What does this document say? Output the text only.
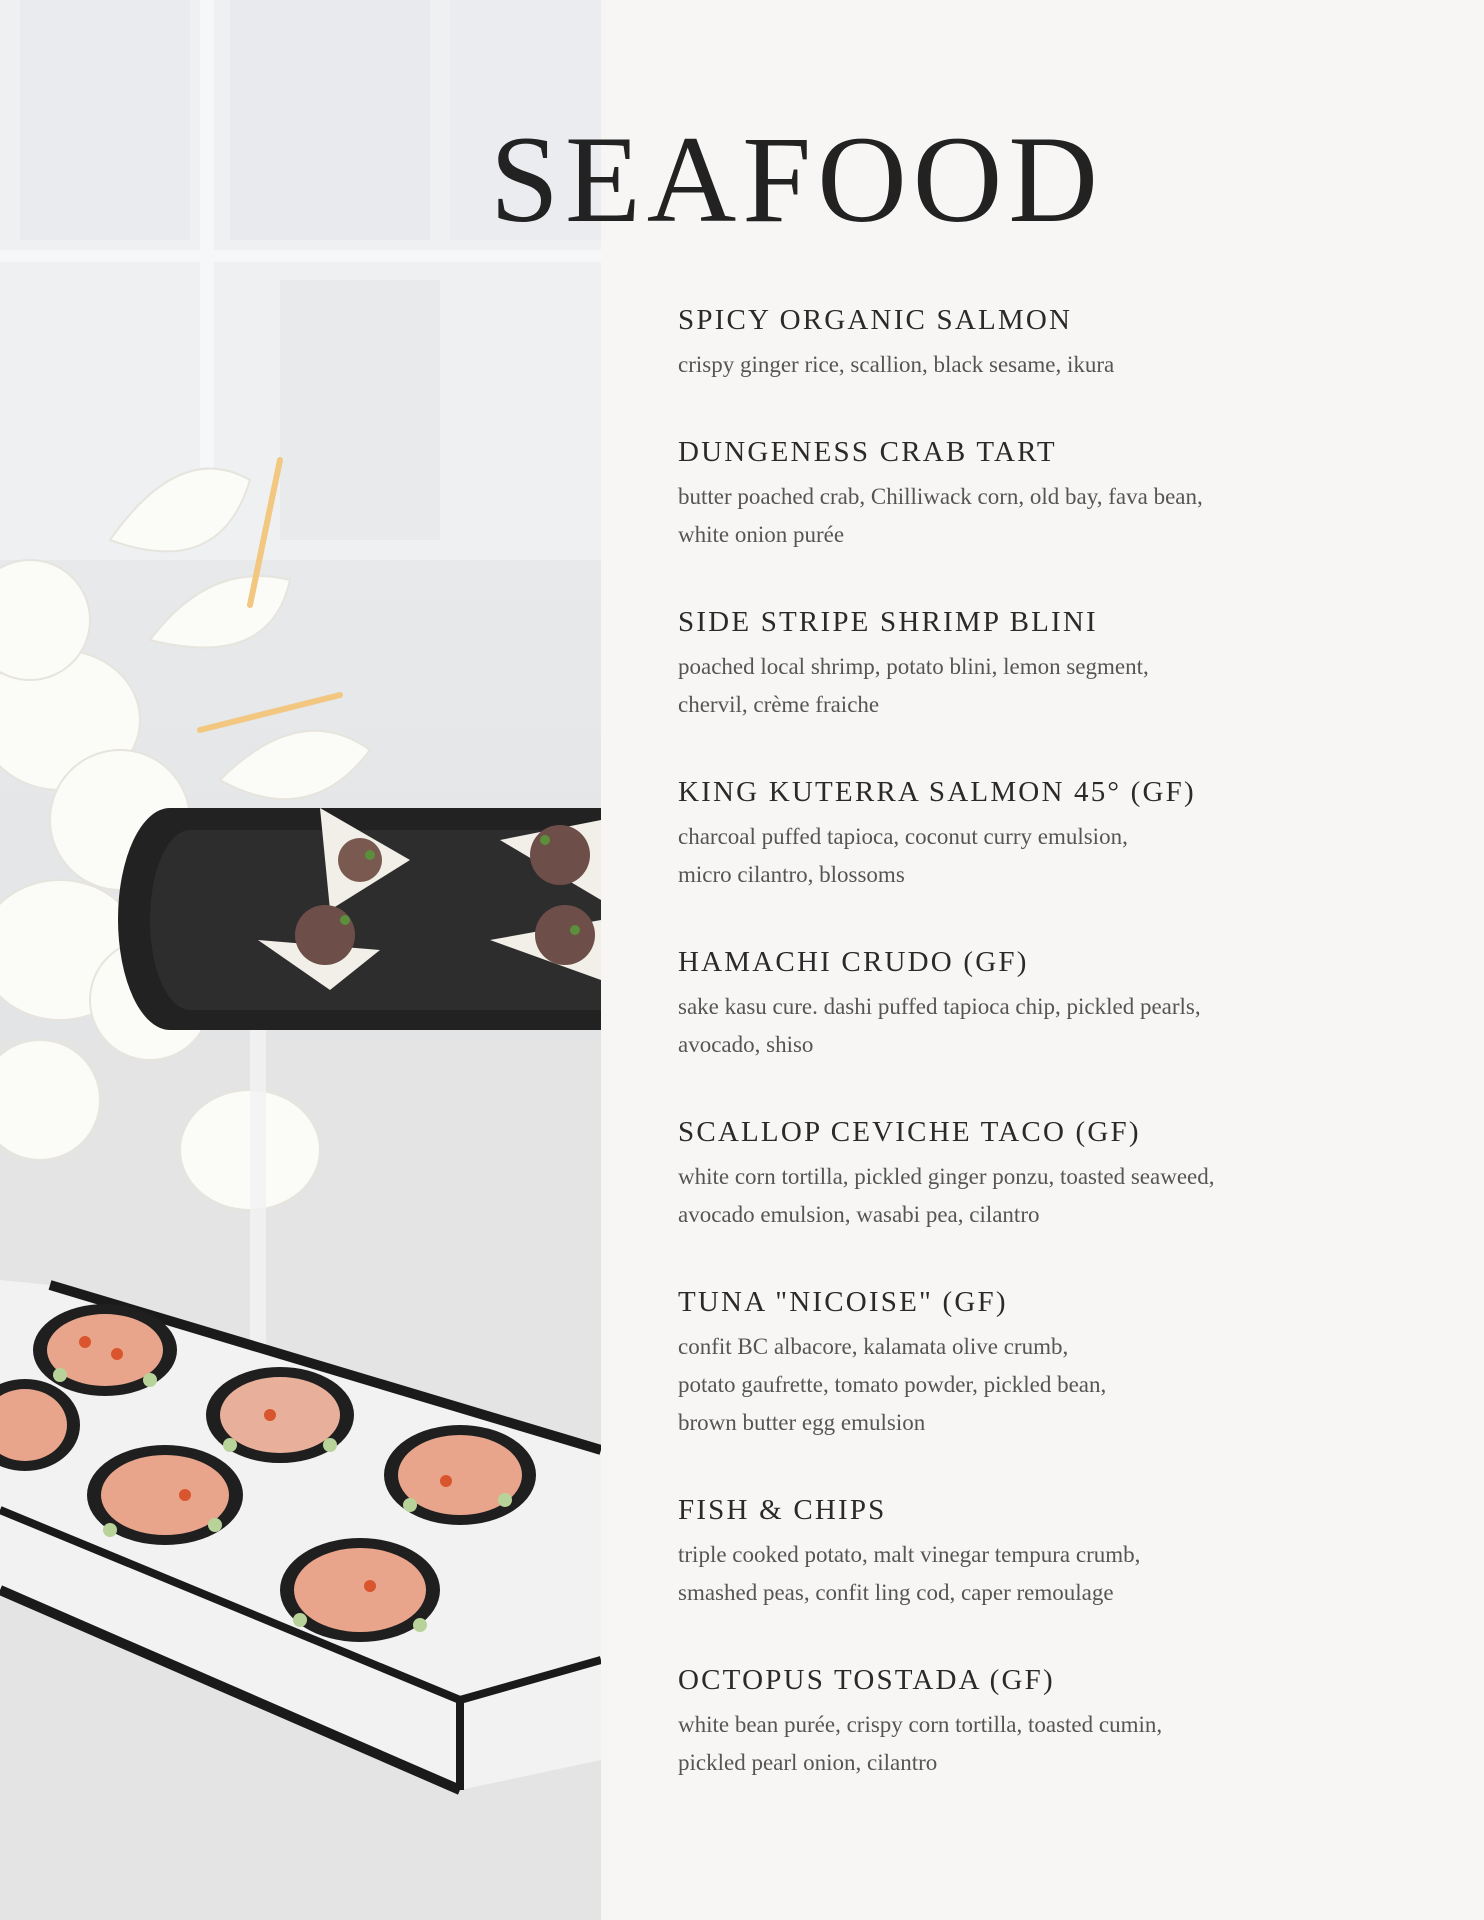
SEAFOOD
SPICY ORGANIC SALMON
crispy ginger rice, scallion, black sesame, ikura
DUNGENESS CRAB TART
butter poached crab, Chilliwack corn, old bay, fava bean,
white onion purée
SIDE STRIPE SHRIMP BLINI
poached local shrimp, potato blini, lemon segment,
chervil, crème fraiche
KING KUTERRA SALMON 45° (GF)
charcoal puffed tapioca, coconut curry emulsion,
micro cilantro, blossoms
HAMACHI CRUDO (GF)
sake kasu cure. dashi puffed tapioca chip, pickled pearls,
avocado, shiso
SCALLOP CEVICHE TACO (GF)
white corn tortilla, pickled ginger ponzu, toasted seaweed,
avocado emulsion, wasabi pea, cilantro
TUNA "NICOISE" (GF)
confit BC albacore, kalamata olive crumb,
potato gaufrette, tomato powder, pickled bean,
brown butter egg emulsion
FISH & CHIPS
triple cooked potato, malt vinegar tempura crumb,
smashed peas, confit ling cod, caper remoulage
OCTOPUS TOSTADA (GF)
white bean purée, crispy corn tortilla, toasted cumin,
pickled pearl onion, cilantro
